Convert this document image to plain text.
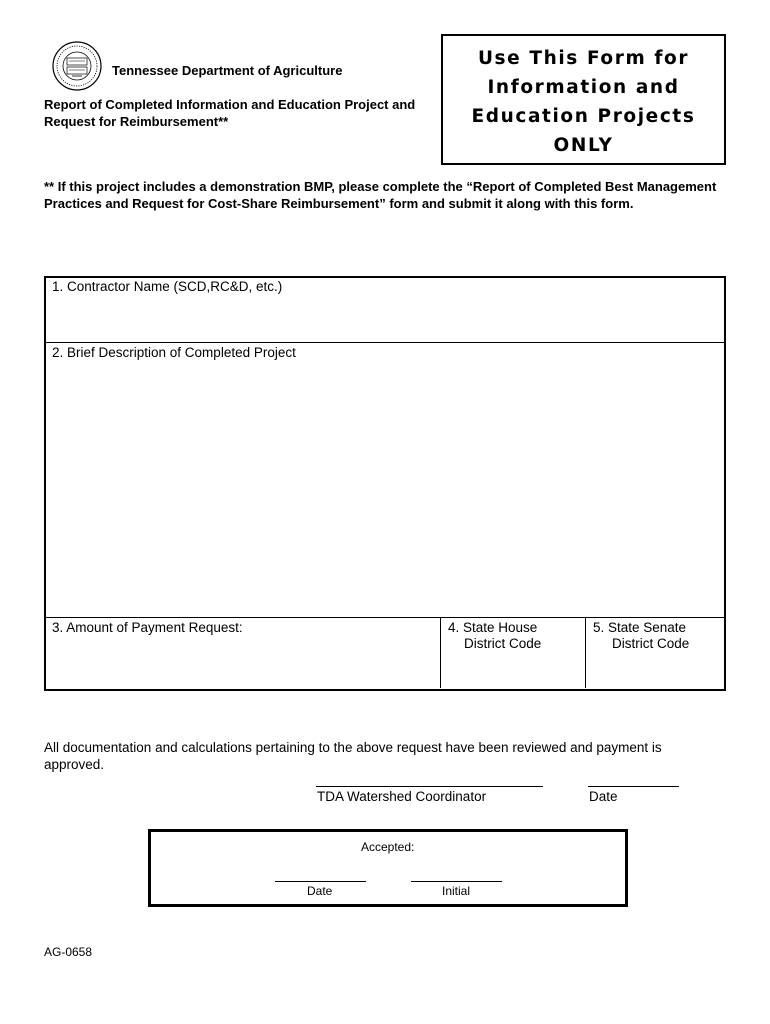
Tennessee Department of Agriculture
Report of Completed Information and Education Project and Request for Reimbursement**
Use This Form for
Information and
Education Projects
ONLY
** If this project includes a demonstration BMP, please complete the “Report of Completed Best Management Practices and Request for Cost-Share Reimbursement” form and submit it along with this form.
1. Contractor Name (SCD,RC&D, etc.)
2. Brief Description of Completed Project
3. Amount of Payment Request:	4. State House
District Code
5. State Senate
District Code
All documentation and calculations pertaining to the above request have been reviewed and payment is approved.
TDA Watershed Coordinator	Date
Accepted:
Date	Initial
AG-0658
